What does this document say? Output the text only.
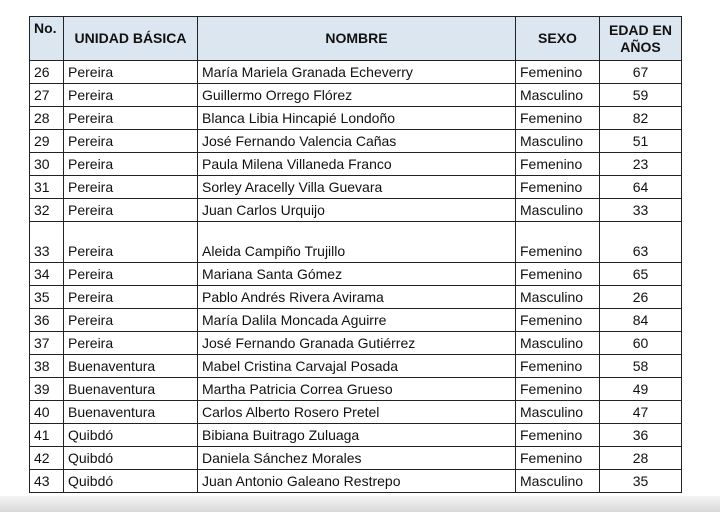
No.	UNIDAD BÁSICA	NOMBRE	SEXO	EDAD EN AÑOS
26	Pereira	María Mariela Granada Echeverry	Femenino	67
27	Pereira	Guillermo Orrego Flórez	Masculino	59
28	Pereira	Blanca Libia Hincapié Londoño	Femenino	82
29	Pereira	José Fernando Valencia Cañas	Masculino	51
30	Pereira	Paula Milena Villaneda Franco	Femenino	23
31	Pereira	Sorley Aracelly Villa Guevara	Femenino	64
32	Pereira	Juan Carlos Urquijo	Masculino	33
33	Pereira	Aleida Campiño Trujillo	Femenino	63
34	Pereira	Mariana Santa Gómez	Femenino	65
35	Pereira	Pablo Andrés Rivera Avirama	Masculino	26
36	Pereira	María Dalila Moncada Aguirre	Femenino	84
37	Pereira	José Fernando Granada Gutiérrez	Masculino	60
38	Buenaventura	Mabel Cristina Carvajal Posada	Femenino	58
39	Buenaventura	Martha Patricia Correa Grueso	Femenino	49
40	Buenaventura	Carlos Alberto Rosero Pretel	Masculino	47
41	Quibdó	Bibiana Buitrago Zuluaga	Femenino	36
42	Quibdó	Daniela Sánchez Morales	Femenino	28
43	Quibdó	Juan Antonio Galeano Restrepo	Masculino	35
